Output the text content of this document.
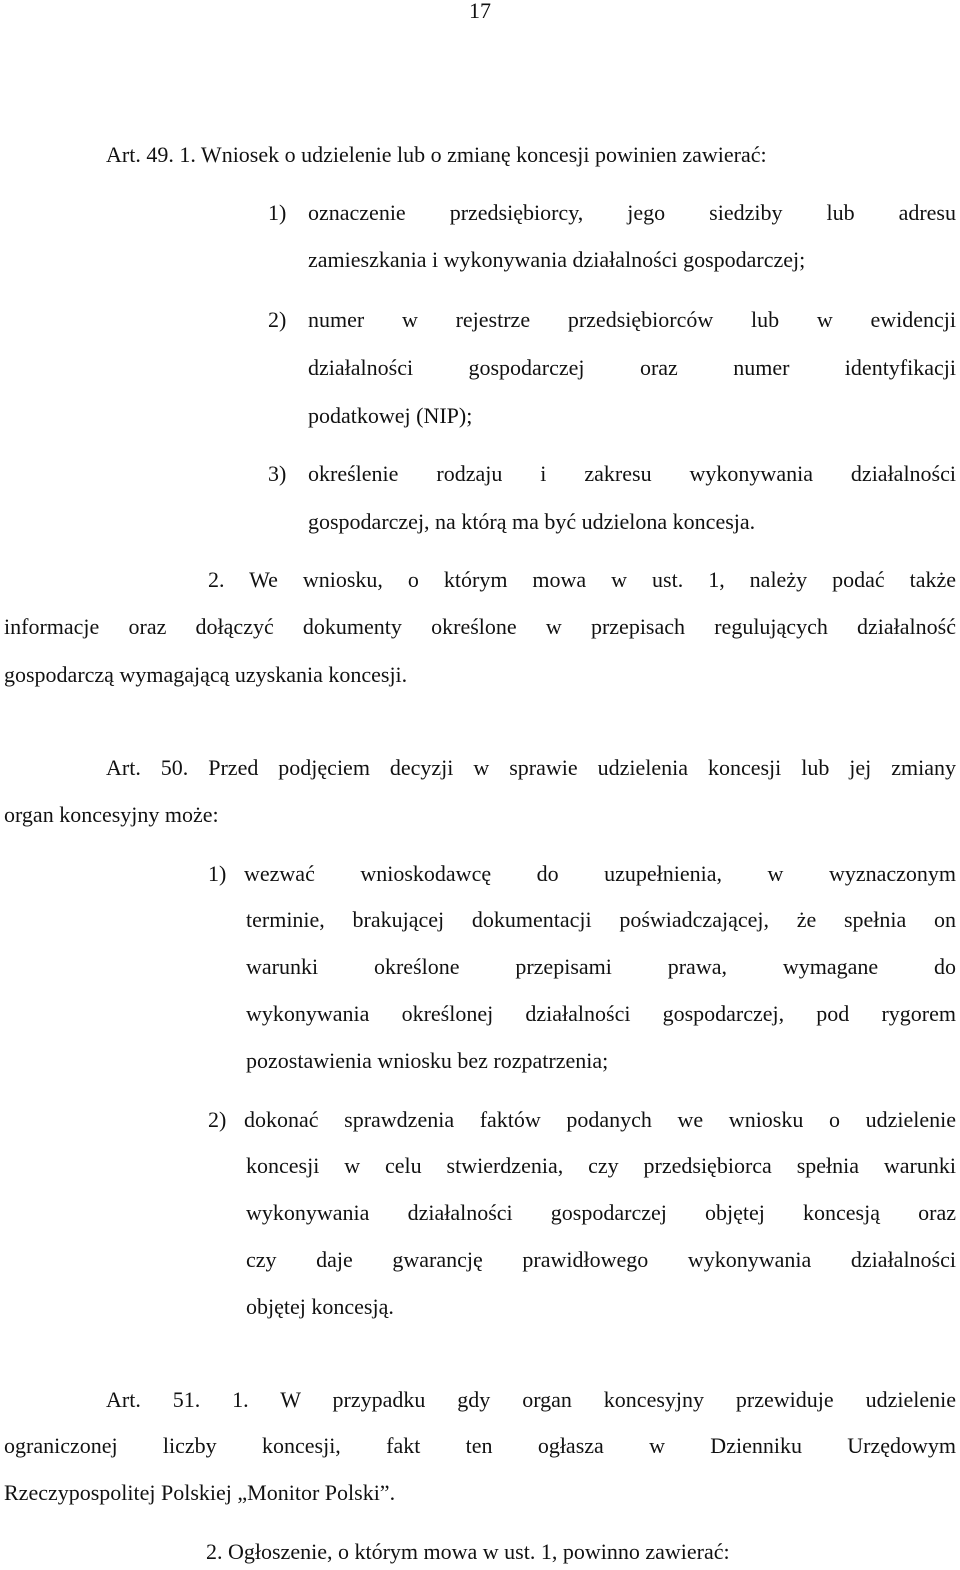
17
Art. 49. 1. Wniosek o udzielenie lub o zmianę koncesji powinien zawierać:
1) oznaczenie przedsiębiorcy, jego siedziby lub adresu
zamieszkania i wykonywania działalności gospodarczej;
2) numer w rejestrze przedsiębiorców lub w ewidencji
działalności gospodarczej oraz numer identyfikacji
podatkowej (NIP);
3) określenie rodzaju i zakresu wykonywania działalności
gospodarczej, na którą ma być udzielona koncesja.
2. We wniosku, o którym mowa w ust. 1, należy podać także
informacje oraz dołączyć dokumenty określone w przepisach regulujących działalność
gospodarczą wymagającą uzyskania koncesji.
Art. 50. Przed podjęciem decyzji w sprawie udzielenia koncesji lub jej zmiany
organ koncesyjny może:
1) wezwać wnioskodawcę do uzupełnienia, w wyznaczonym
terminie, brakującej dokumentacji poświadczającej, że spełnia on
warunki określone przepisami prawa, wymagane do
wykonywania określonej działalności gospodarczej, pod rygorem
pozostawienia wniosku bez rozpatrzenia;
2) dokonać sprawdzenia faktów podanych we wniosku o udzielenie
koncesji w celu stwierdzenia, czy przedsiębiorca spełnia warunki
wykonywania działalności gospodarczej objętej koncesją oraz
czy daje gwarancję prawidłowego wykonywania działalności
objętej koncesją.
Art. 51. 1. W przypadku gdy organ koncesyjny przewiduje udzielenie
ograniczonej liczby koncesji, fakt ten ogłasza w Dzienniku Urzędowym
Rzeczypospolitej Polskiej „Monitor Polski”.
2. Ogłoszenie, o którym mowa w ust. 1, powinno zawierać:
